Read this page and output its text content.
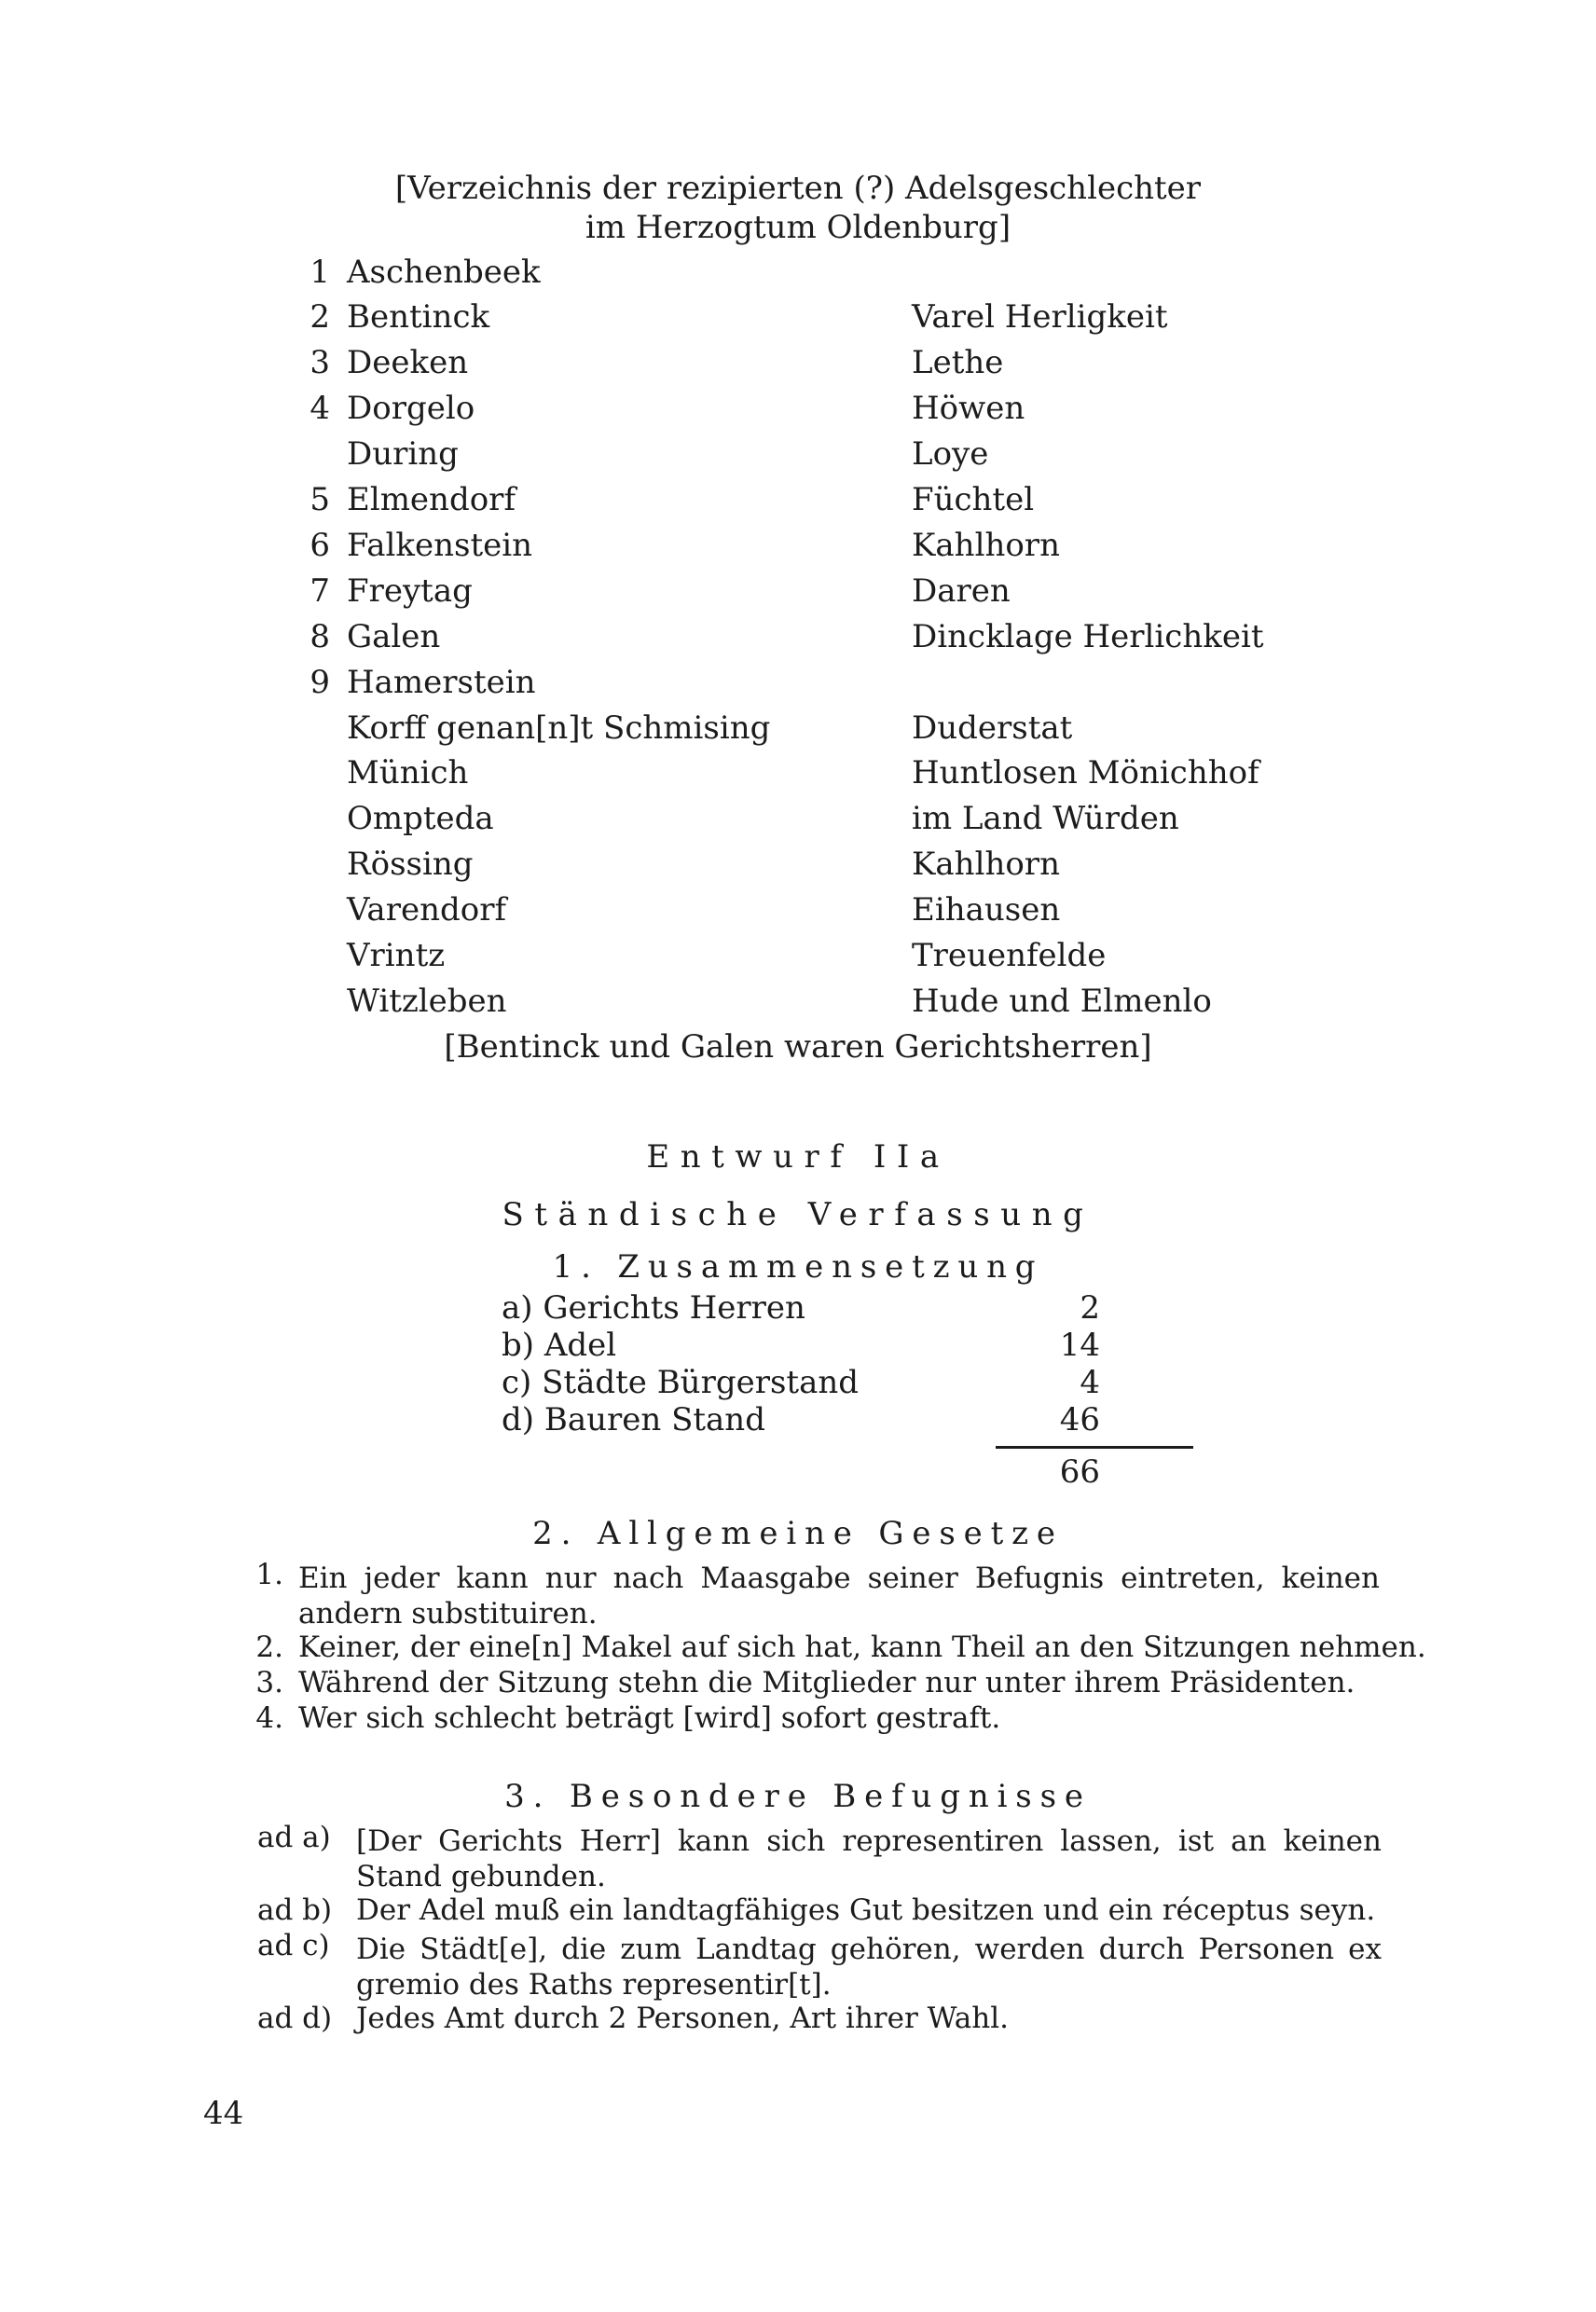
[Verzeichnis der rezipierten (?) Adelsgeschlechter
im Herzogtum Oldenburg]
1 Aschenbeek
2 Bentinck	Varel Herligkeit
3 Deeken	Lethe
4 Dorgelo	Höwen
During	Loye
5 Elmendorf	Füchtel
6 Falkenstein	Kahlhorn
7 Freytag	Daren
8 Galen	Dincklage Herlichkeit
9 Hamerstein
Korff genan[n]t Schmising	Duderstat
Münich	Huntlosen Mönichhof
Ompteda	im Land Würden
Rössing	Kahlhorn
Varendorf	Eihausen
Vrintz	Treuenfelde
Witzleben	Hude und Elmenlo
[Bentinck und Galen waren Gerichtsherren]
Entwurf IIa
Ständische Verfassung
1. Zusammensetzung
a) Gerichts Herren	2
b) Adel	14
c) Städte Bürgerstand	4
d) Bauren Stand	46
66
2. Allgemeine Gesetze
1. Ein jeder kann nur nach Maasgabe seiner Befugnis eintreten, keinen andern substituiren.
2. Keiner, der eine[n] Makel auf sich hat, kann Theil an den Sitzungen nehmen.
3. Während der Sitzung stehn die Mitglieder nur unter ihrem Präsidenten.
4. Wer sich schlecht beträgt [wird] sofort gestraft.
3. Besondere Befugnisse
ad a) [Der Gerichts Herr] kann sich representiren lassen, ist an keinen Stand gebunden.
ad b) Der Adel muß ein landtagfähiges Gut besitzen und ein réceptus seyn.
ad c) Die Städt[e], die zum Landtag gehören, werden durch Personen ex gremio des Raths representir[t].
ad d) Jedes Amt durch 2 Personen, Art ihrer Wahl.
44
